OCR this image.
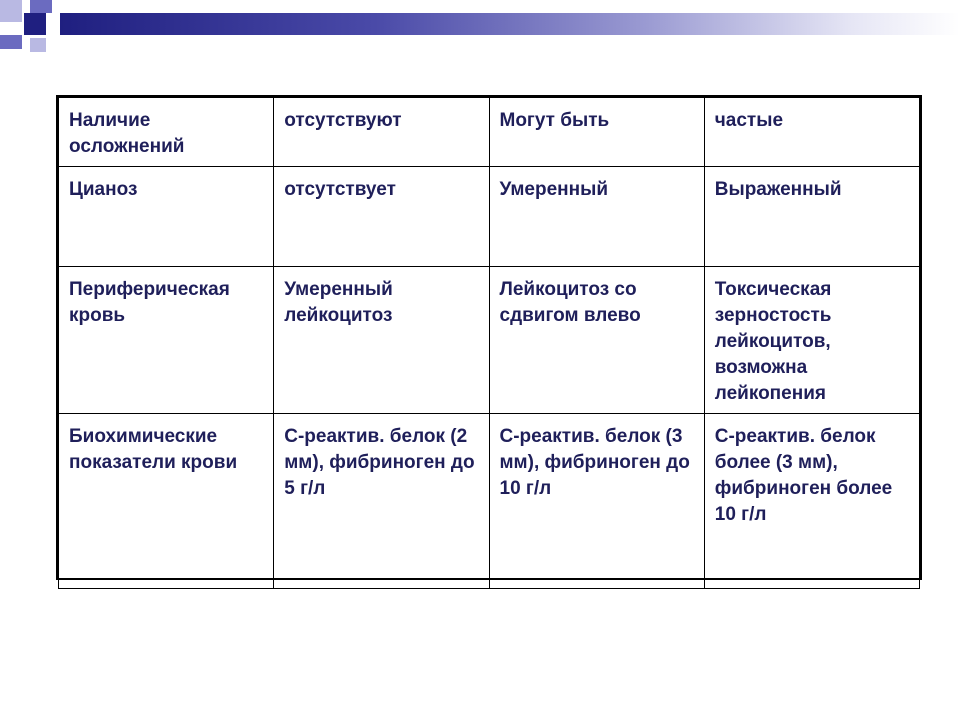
Наличие осложнений	отсутствуют	Могут быть	частые
Цианоз	отсутствует	Умеренный	Выраженный
Периферическая кровь	Умеренный лейкоцитоз	Лейкоцитоз со сдвигом влево	Токсическая зерностость лейкоцитов, возможна лейкопения
Биохимические показатели крови	С-реактив. белок (2 мм), фибриноген до 5 г/л	С-реактив. белок (3 мм), фибриноген до 10 г/л	С-реактив. белок более (3 мм), фибриноген более 10 г/л
